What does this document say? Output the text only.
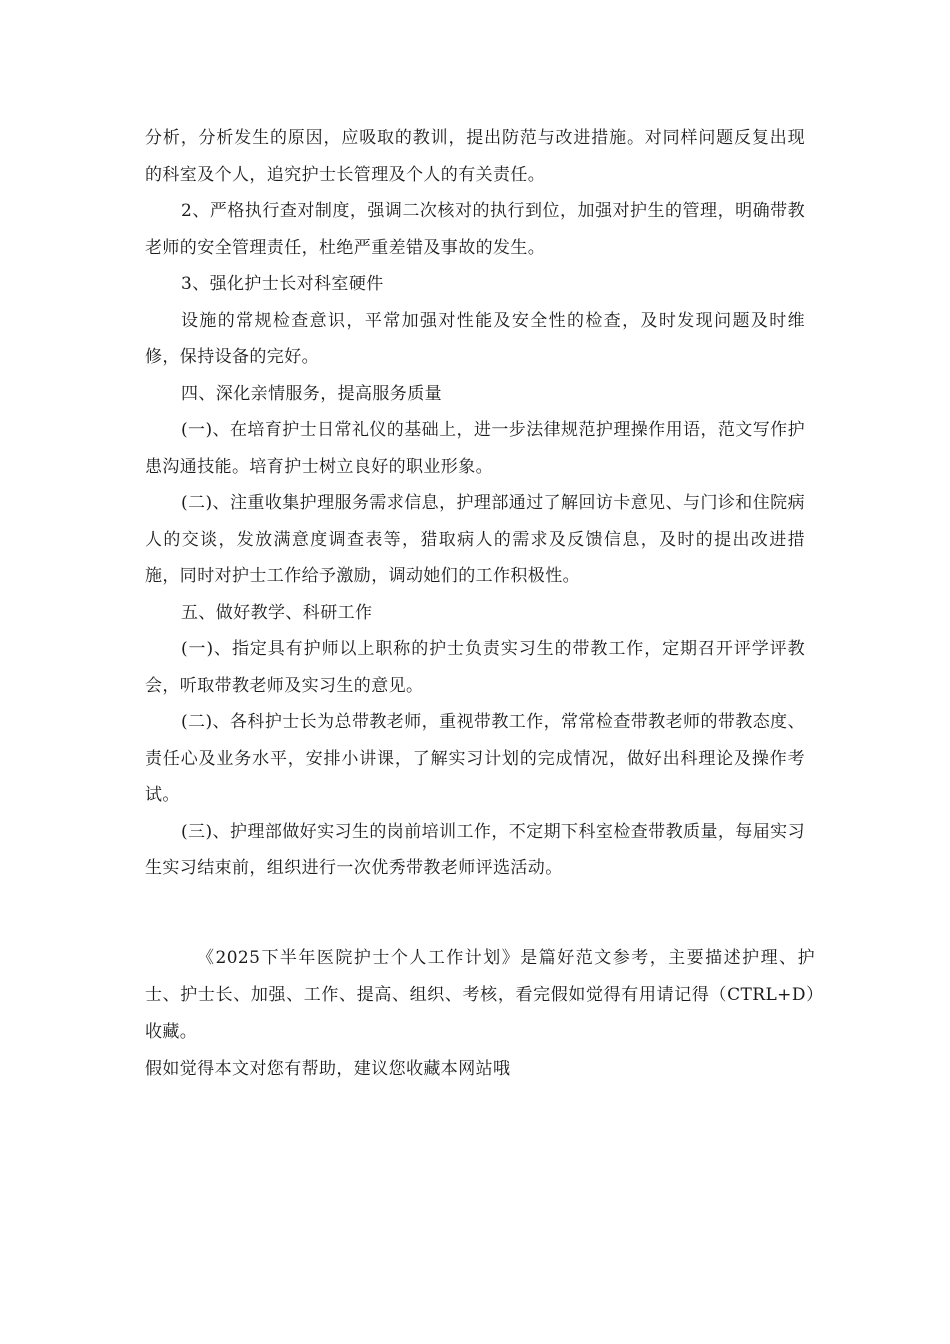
分析，分析发生的原因，应吸取的教训，提出防范与改进措施。对同样问题反复出现的科室及个人，追究护士长管理及个人的有关责任。

2、严格执行查对制度，强调二次核对的执行到位，加强对护生的管理，明确带教老师的安全管理责任，杜绝严重差错及事故的发生。

3、强化护士长对科室硬件

设施的常规检查意识，平常加强对性能及安全性的检查，及时发现问题及时维修，保持设备的完好。

四、深化亲情服务，提高服务质量

(一)、在培育护士日常礼仪的基础上，进一步法律规范护理操作用语，范文写作护患沟通技能。培育护士树立良好的职业形象。

(二)、注重收集护理服务需求信息，护理部通过了解回访卡意见、与门诊和住院病人的交谈，发放满意度调查表等，猎取病人的需求及反馈信息，及时的提出改进措施，同时对护士工作给予激励，调动她们的工作积极性。

五、做好教学、科研工作

(一)、指定具有护师以上职称的护士负责实习生的带教工作，定期召开评学评教会，听取带教老师及实习生的意见。

(二)、各科护士长为总带教老师，重视带教工作，常常检查带教老师的带教态度、责任心及业务水平，安排小讲课，了解实习计划的完成情况，做好出科理论及操作考试。

(三)、护理部做好实习生的岗前培训工作，不定期下科室检查带教质量，每届实习生实习结束前，组织进行一次优秀带教老师评选活动。

《2025下半年医院护士个人工作计划》是篇好范文参考，主要描述护理、护士、护士长、加强、工作、提高、组织、考核，看完假如觉得有用请记得（CTRL+D）收藏。

假如觉得本文对您有帮助，建议您收藏本网站哦
